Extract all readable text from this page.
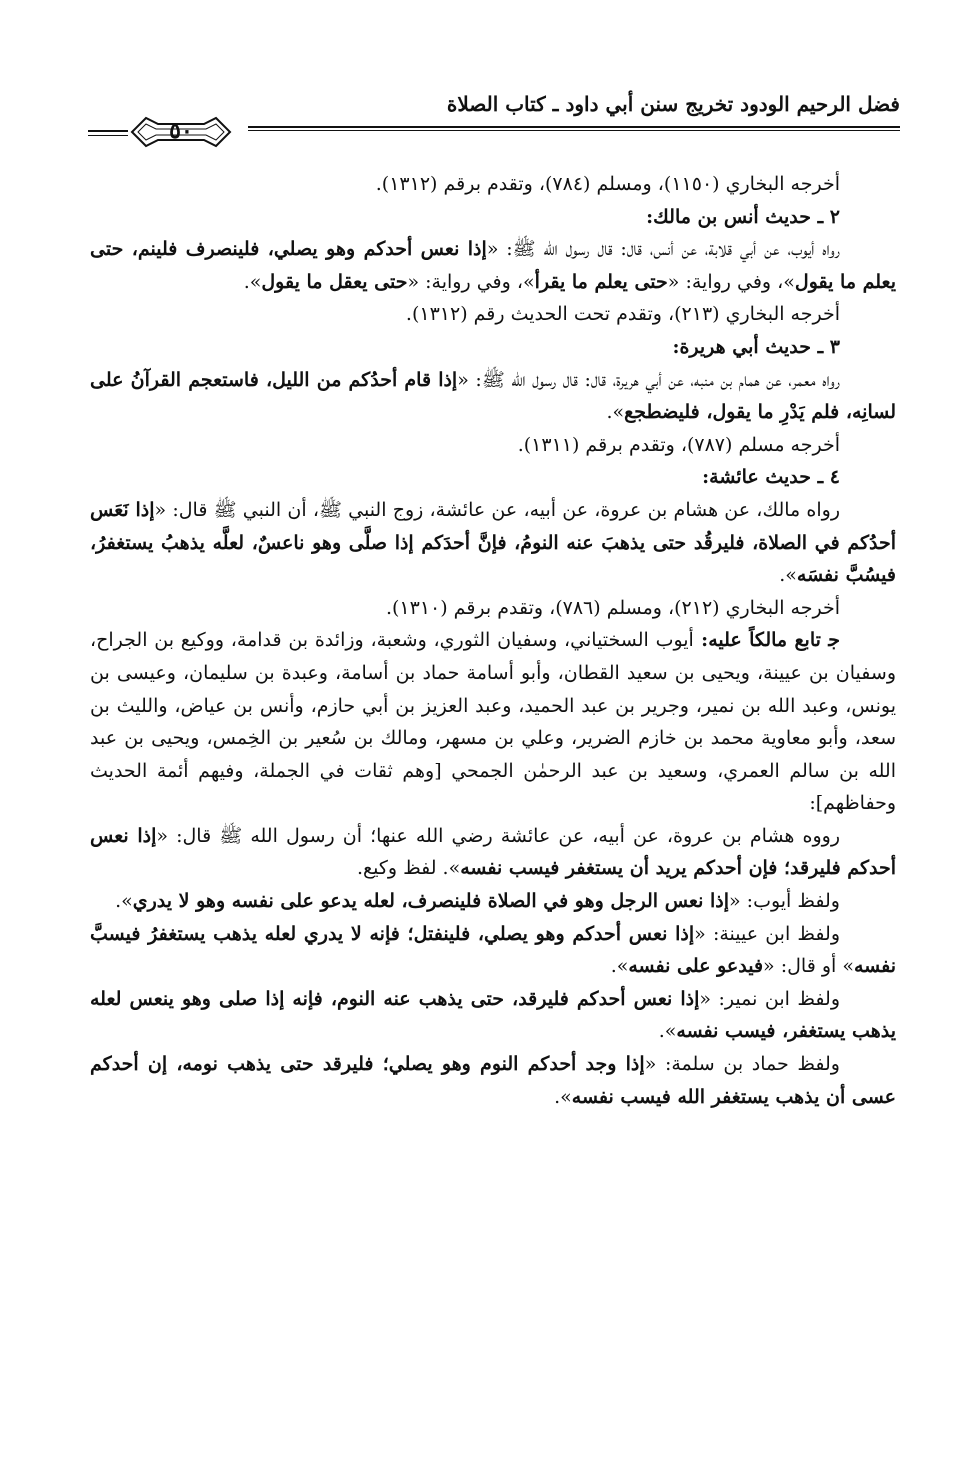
فضل الرحيم الودود تخريج سنن أبي داود ـ كتاب الصلاة
٥٠

أخرجه البخاري (١١٥٠)، ومسلم (٧٨٤)، وتقدم برقم (١٣١٢).

٢ ـ حديث أنس بن مالك:

رواه أيوب، عن أبي قلابة، عن أنس، قال: قال رسول الله ﷺ: «إذا نعس أحدكم وهو يصلي، فلينصرف فلينم، حتى يعلم ما يقول»، وفي رواية: «حتى يعلم ما يقرأ»، وفي رواية: «حتى يعقل ما يقول».

أخرجه البخاري (٢١٣)، وتقدم تحت الحديث رقم (١٣١٢).

٣ ـ حديث أبي هريرة:

رواه معمر، عن همام بن منبه، عن أبي هريرة، قال: قال رسول الله ﷺ: «إذا قام أحدُكم من الليل، فاستعجم القرآنُ على لسانِه، فلم يَدْرِ ما يقول، فليضطجع».

أخرجه مسلم (٧٨٧)، وتقدم برقم (١٣١١).

٤ ـ حديث عائشة:

رواه مالك، عن هشام بن عروة، عن أبيه، عن عائشة، زوج النبي ﷺ، أن النبي ﷺ قال: «إذا نَعَس أحدُكم في الصلاة، فليرقُد حتى يذهبَ عنه النومُ، فإنَّ أحدَكم إذا صلَّى وهو ناعسٌ، لعلَّه يذهبُ يستغفرُ، فيسُبَّ نفسَه».

أخرجه البخاري (٢١٢)، ومسلم (٧٨٦)، وتقدم برقم (١٣١٠).

ﺟ تابع مالكاً عليه: أيوب السختياني، وسفيان الثوري، وشعبة، وزائدة بن قدامة، ووكيع بن الجراح، وسفيان بن عيينة، ويحيى بن سعيد القطان، وأبو أسامة حماد بن أسامة، وعبدة بن سليمان، وعيسى بن يونس، وعبد الله بن نمير، وجرير بن عبد الحميد، وعبد العزيز بن أبي حازم، وأنس بن عياض، والليث بن سعد، وأبو معاوية محمد بن خازم الضرير، وعلي بن مسهر، ومالك بن سُعير بن الخِمس، ويحيى بن عبد الله بن سالم العمري، وسعيد بن عبد الرحمٰن الجمحي [وهم ثقات في الجملة، وفيهم أئمة الحديث وحفاظهم]:

رووه هشام بن عروة، عن أبيه، عن عائشة رضي الله عنها؛ أن رسول الله ﷺ قال: «إذا نعس أحدكم فليرقد؛ فإن أحدكم يريد أن يستغفر فيسب نفسه». لفظ وكيع.

ولفظ أيوب: «إذا نعس الرجل وهو في الصلاة فلينصرف، لعله يدعو على نفسه وهو لا يدري».

ولفظ ابن عيينة: «إذا نعس أحدكم وهو يصلي، فلينفتل؛ فإنه لا يدري لعله يذهب يستغفرُ فيسبَّ نفسه» أو قال: «فيدعو على نفسه».

ولفظ ابن نمير: «إذا نعس أحدكم فليرقد، حتى يذهب عنه النوم، فإنه إذا صلى وهو ينعس لعله يذهب يستغفر، فيسب نفسه».

ولفظ حماد بن سلمة: «إذا وجد أحدكم النوم وهو يصلي؛ فليرقد حتى يذهب نومه، إن أحدكم عسى أن يذهب يستغفر الله فيسب نفسه».
